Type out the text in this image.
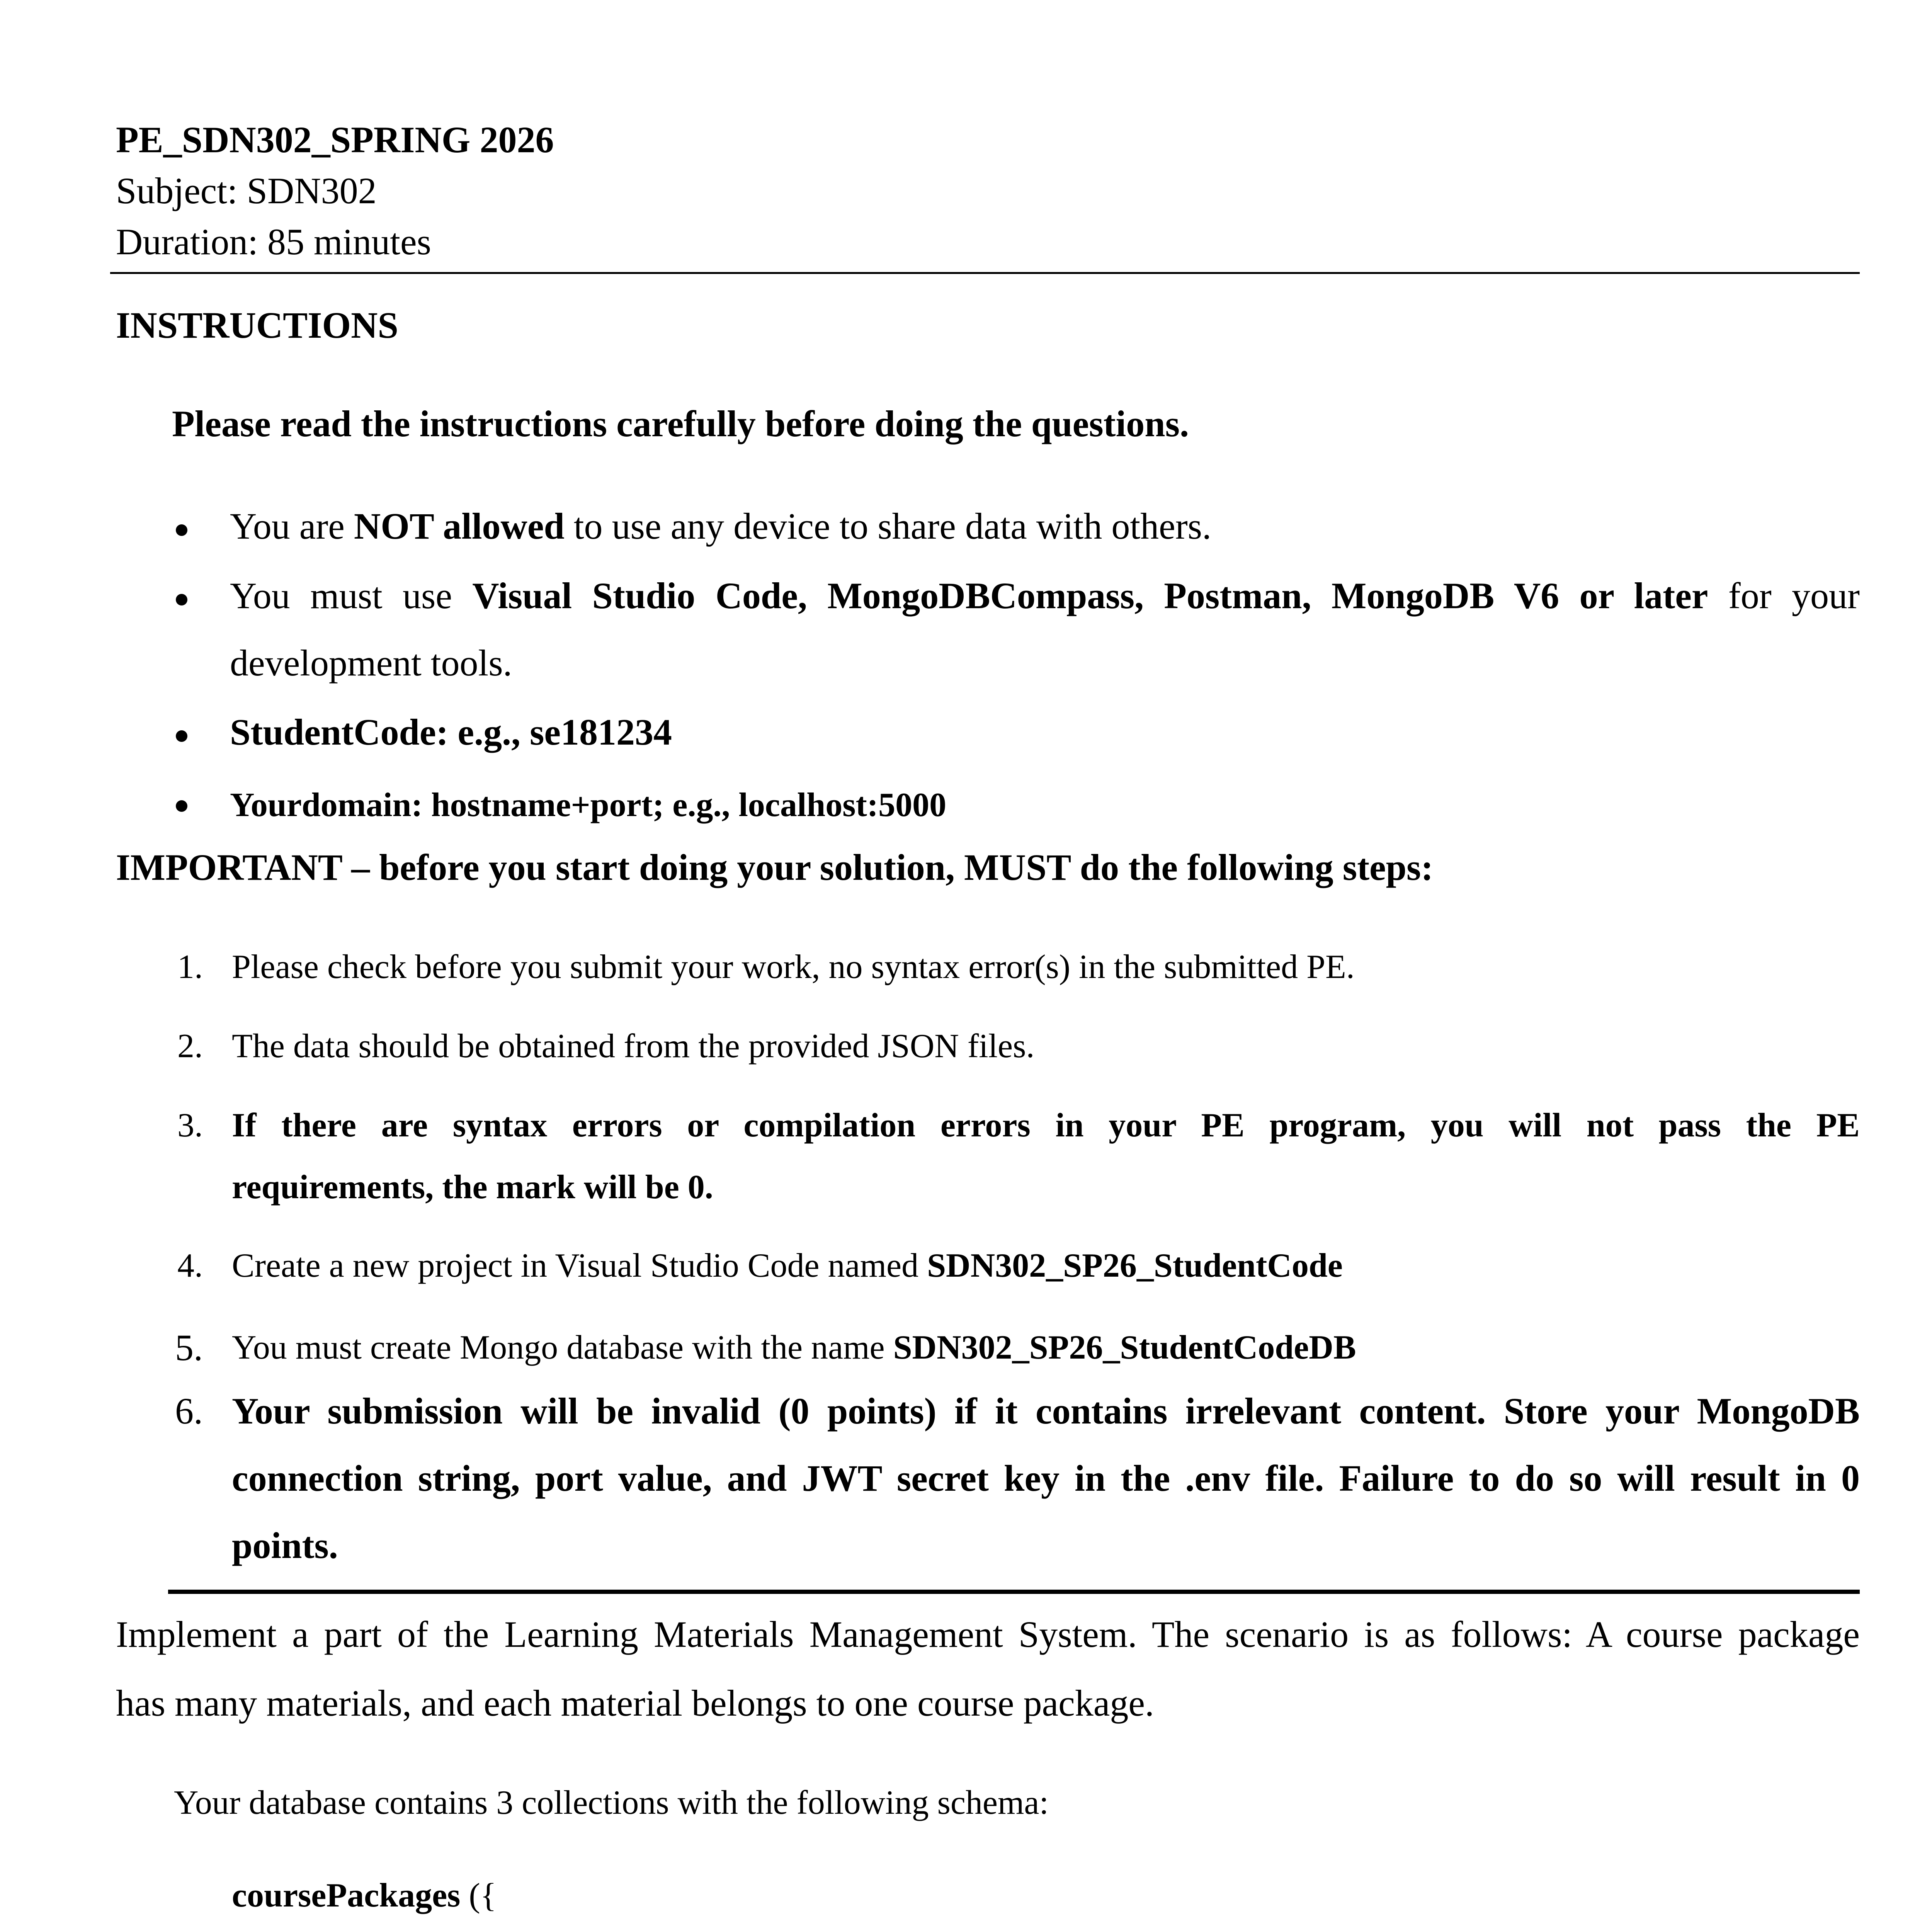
PE_SDN302_SPRING 2026
Subject: SDN302
Duration: 85 minutes
INSTRUCTIONS
Please read the instructions carefully before doing the questions.
You are NOT allowed to use any device to share data with others.
You must use Visual Studio Code, MongoDBCompass, Postman, MongoDB V6 or later for your
development tools.
StudentCode: e.g., se181234
Yourdomain: hostname+port; e.g., localhost:5000
IMPORTANT – before you start doing your solution, MUST do the following steps:
1. Please check before you submit your work, no syntax error(s) in the submitted PE.
2. The data should be obtained from the provided JSON files.
3. If there are syntax errors or compilation errors in your PE program, you will not pass the PE
requirements, the mark will be 0.
4. Create a new project in Visual Studio Code named SDN302_SP26_StudentCode
5. You must create Mongo database with the name SDN302_SP26_StudentCodeDB
6. Your submission will be invalid (0 points) if it contains irrelevant content. Store your MongoDB
connection string, port value, and JWT secret key in the .env file. Failure to do so will result in 0
points.
Implement a part of the Learning Materials Management System. The scenario is as follows: A course package
has many materials, and each material belongs to one course package.
Your database contains 3 collections with the following schema:
coursePackages ({
